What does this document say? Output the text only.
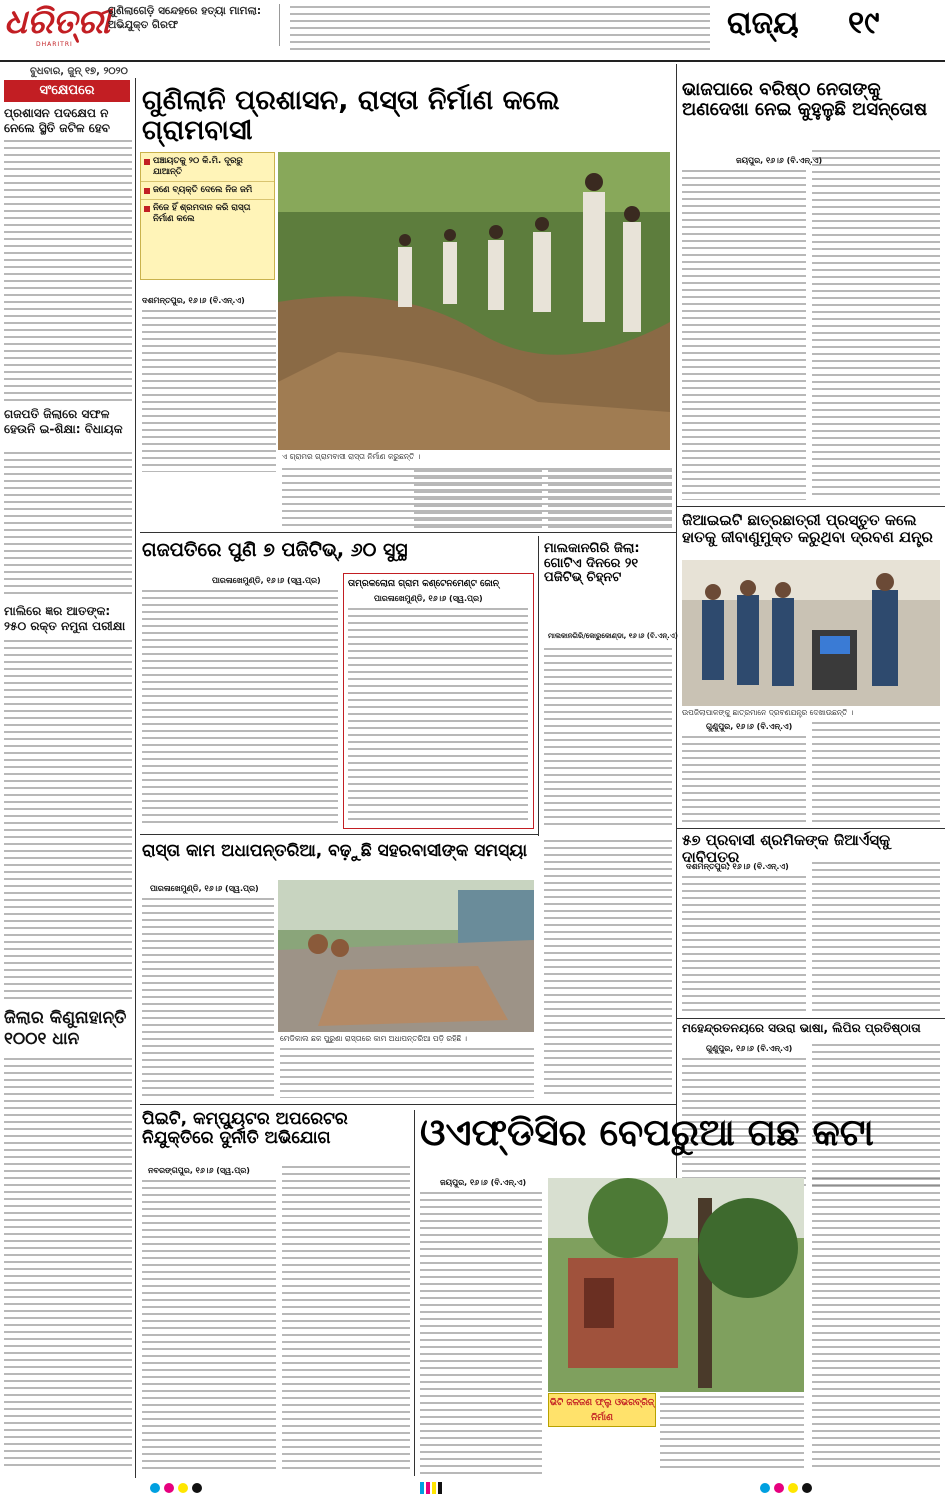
ଧରିତ୍ରୀ
DHARITRI
ଗୁଣିଲାଗେଡ଼ି ସନ୍ଦେହରେ ହତ୍ୟା ମାମଲା: ଅଭିଯୁକ୍ତ ଗିରଫ	ରାଜ୍ୟ ୧୯
ବୁଧବାର, ଜୁନ୍ ୧୭, ୨୦୨୦
ସଂକ୍ଷେପରେ
ପ୍ରଶାସନ ପଦକ୍ଷେପ ନ ନେଲେ ସ୍ଥିତି ଜଟିଳ ହେବ
ଗଜପତି ଜିଲାରେ ସଫଳ ହେଉନି ଇ-ଶିକ୍ଷା: ବିଧାୟକ
ମାଲିରେ ଜ୍ଞର ଆତଙ୍କ: ୨୫୦ ରକ୍ତ ନମୁନା ପରୀକ୍ଷା
ଜିଲାର କିଣୁନାହାନ୍ତି ୧୦୦୧ ଧାନ
ଗୁଣିଲାନି ପ୍ରଶାସନ, ରାସ୍ତା ନିର୍ମାଣ କଲେ ଗ୍ରାମବାସୀ
ପଞ୍ଚାୟତକୁ ୨୦ କି.ମି. ଦୂରରୁ ଯାଆନ୍ତି
ଜଣେ ବ୍ୟକ୍ତି ଦେଲେ ନିଜ ଜମି
ନିଜେ ହିଁ ଶ୍ରମଦାନ କରି ରାସ୍ତା ନିର୍ମାଣ କଲେ
ଦଶମନ୍ତପୁର, ୧୬।୬ (ବି.ଏନ୍.ଏ)
ଏ ଗ୍ରାମର ଗ୍ରାମବାସୀ ରାସ୍ତା ନିର୍ମାଣ କରୁଛନ୍ତି ।
ଭାଜପାରେ ବରିଷ୍ଠ ନେତାଙ୍କୁ ଅଣଦେଖା ନେଇ କୁହୁଳୁଛି ଅସନ୍ତୋଷ
ଜୟପୁର, ୧୬।୬ (ବି.ଏନ୍.ଏ)
ଜିଆଇଇଟି ଛାତ୍ରଛାତ୍ରୀ ପ୍ରସ୍ତୁତ କଲେ ହାତକୁ ଜୀବାଣୁମୁକ୍ତ କରୁଥିବା ଦ୍ରବଣ ଯନ୍ତ୍ର
ଉପଜିଲାପାଳଙ୍କୁ ଛାତ୍ରମାନେ ଦ୍ରବଣଯନ୍ତ୍ର ଦେଖାଉଛନ୍ତି ।
ଗୁଣୁପୁର, ୧୬।୬ (ବି.ଏନ୍.ଏ)
୫୭ ପ୍ରବାସୀ ଶ୍ରମିକଙ୍କ ଜିଆର୍ଏସ୍‌କୁ ଦାବିପତ୍ର
ଦଶମନ୍ତପୁର, ୧୬।୬ (ବି.ଏନ୍.ଏ)
ମହେନ୍ଦ୍ରତନୟରେ ସଉରା ଭାଷା, ଲିପିର ପ୍ରତିଷ୍ଠାତା
ଗୁଣୁପୁର, ୧୬।୬ (ବି.ଏନ୍.ଏ)
ଗଜପତିରେ ପୁଣି ୭ ପଜିଟିଭ୍, ୬୦ ସୁସ୍ଥ
ପାରଳାଖେମୁଣ୍ଡି, ୧୬।୬ (ସ୍ୱ.ପ୍ର)	ତାମ୍ରକଲୋନା ଗ୍ରାମ କଣ୍ଟେନମେଣ୍ଟ ଜୋନ୍
ପାରଳାଖେମୁଣ୍ଡି, ୧୬।୬ (ସ୍ୱ.ପ୍ର)
ମାଲକାନଗିରି ଜିଲା: ଗୋଟିଏ ଦିନରେ ୨୧ ପଜିଟିଭ୍ ଚିହ୍ନଟ
ମାଲକାନଗିରି/କୋରୁକୋଣ୍ଡା, ୧୬।୬ (ବି.ଏନ୍.ଏ)
ରାସ୍ତା କାମ ଅଧାପନ୍ତରିଆ, ବଢ଼ୁଛି ସହରବାସୀଙ୍କ ସମସ୍ୟା
ପାରଳାଖେମୁଣ୍ଡି, ୧୬।୬ (ସ୍ୱ.ପ୍ର)
ମେଡିକାଲ ଛକ ପୁରୁଣା ରାସ୍ତାରେ କାମ ଅଧାପନ୍ତରିଆ ପଡ଼ି ରହିଛି ।
ପିଇଟି, କମ୍ପ୍ୟୁଟର ଅପରେଟର ନିଯୁକ୍ତିରେ ଦୁର୍ନୀତି ଅଭିଯୋଗ
ନବରଙ୍ଗପୁର, ୧୬।୬ (ସ୍ୱ.ପ୍ର)
ଓଏଫ୍‌ଡିସିର ବେପରୁଆ ଗଛ କଟା
ଜୟପୁର, ୧୬।୬ (ବି.ଏନ୍.ଏ)
ଭିଟି ଜଳଜଣ ଫ୍ଲୁ ଓଭରବ୍ରିଜ୍ ନିର୍ମାଣ
